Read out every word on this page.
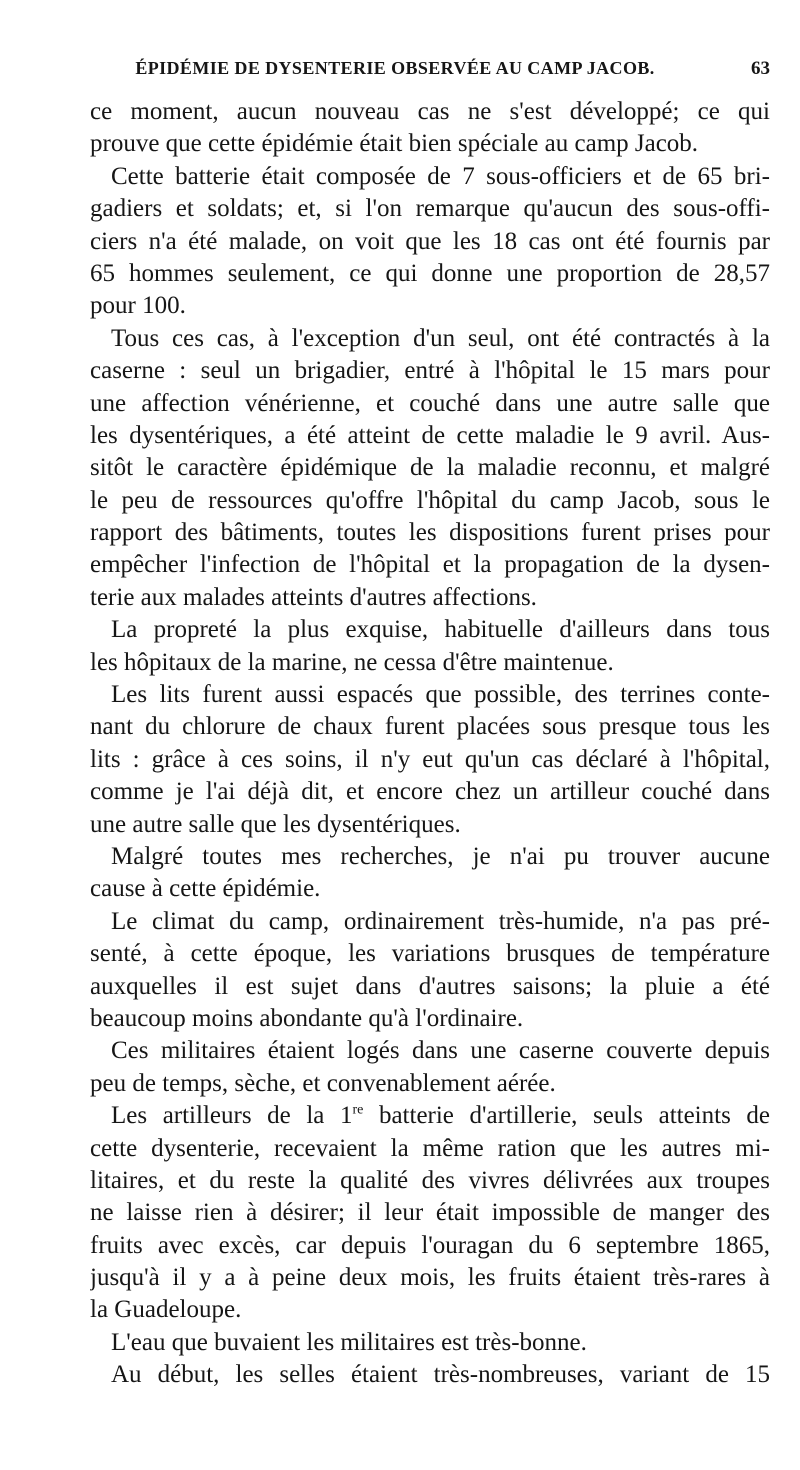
ÉPIDÉMIE DE DYSENTERIE OBSERVÉE AU CAMP JACOB.	63
ce moment, aucun nouveau cas ne s'est développé; ce qui
prouve que cette épidémie était bien spéciale au camp Jacob.
Cette batterie était composée de 7 sous-officiers et de 65 bri-
gadiers et soldats; et, si l'on remarque qu'aucun des sous-offi-
ciers n'a été malade, on voit que les 18 cas ont été fournis par
65 hommes seulement, ce qui donne une proportion de 28,57
pour 100.
Tous ces cas, à l'exception d'un seul, ont été contractés à la
caserne : seul un brigadier, entré à l'hôpital le 15 mars pour
une affection vénérienne, et couché dans une autre salle que
les dysentériques, a été atteint de cette maladie le 9 avril. Aus-
sitôt le caractère épidémique de la maladie reconnu, et malgré
le peu de ressources qu'offre l'hôpital du camp Jacob, sous le
rapport des bâtiments, toutes les dispositions furent prises pour
empêcher l'infection de l'hôpital et la propagation de la dysen-
terie aux malades atteints d'autres affections.
La propreté la plus exquise, habituelle d'ailleurs dans tous
les hôpitaux de la marine, ne cessa d'être maintenue.
Les lits furent aussi espacés que possible, des terrines conte-
nant du chlorure de chaux furent placées sous presque tous les
lits : grâce à ces soins, il n'y eut qu'un cas déclaré à l'hôpital,
comme je l'ai déjà dit, et encore chez un artilleur couché dans
une autre salle que les dysentériques.
Malgré toutes mes recherches, je n'ai pu trouver aucune
cause à cette épidémie.
Le climat du camp, ordinairement très-humide, n'a pas pré-
senté, à cette époque, les variations brusques de température
auxquelles il est sujet dans d'autres saisons; la pluie a été
beaucoup moins abondante qu'à l'ordinaire.
Ces militaires étaient logés dans une caserne couverte depuis
peu de temps, sèche, et convenablement aérée.
Les artilleurs de la 1re batterie d'artillerie, seuls atteints de
cette dysenterie, recevaient la même ration que les autres mi-
litaires, et du reste la qualité des vivres délivrées aux troupes
ne laisse rien à désirer; il leur était impossible de manger des
fruits avec excès, car depuis l'ouragan du 6 septembre 1865,
jusqu'à il y a à peine deux mois, les fruits étaient très-rares à
la Guadeloupe.
L'eau que buvaient les militaires est très-bonne.
Au début, les selles étaient très-nombreuses, variant de 15
